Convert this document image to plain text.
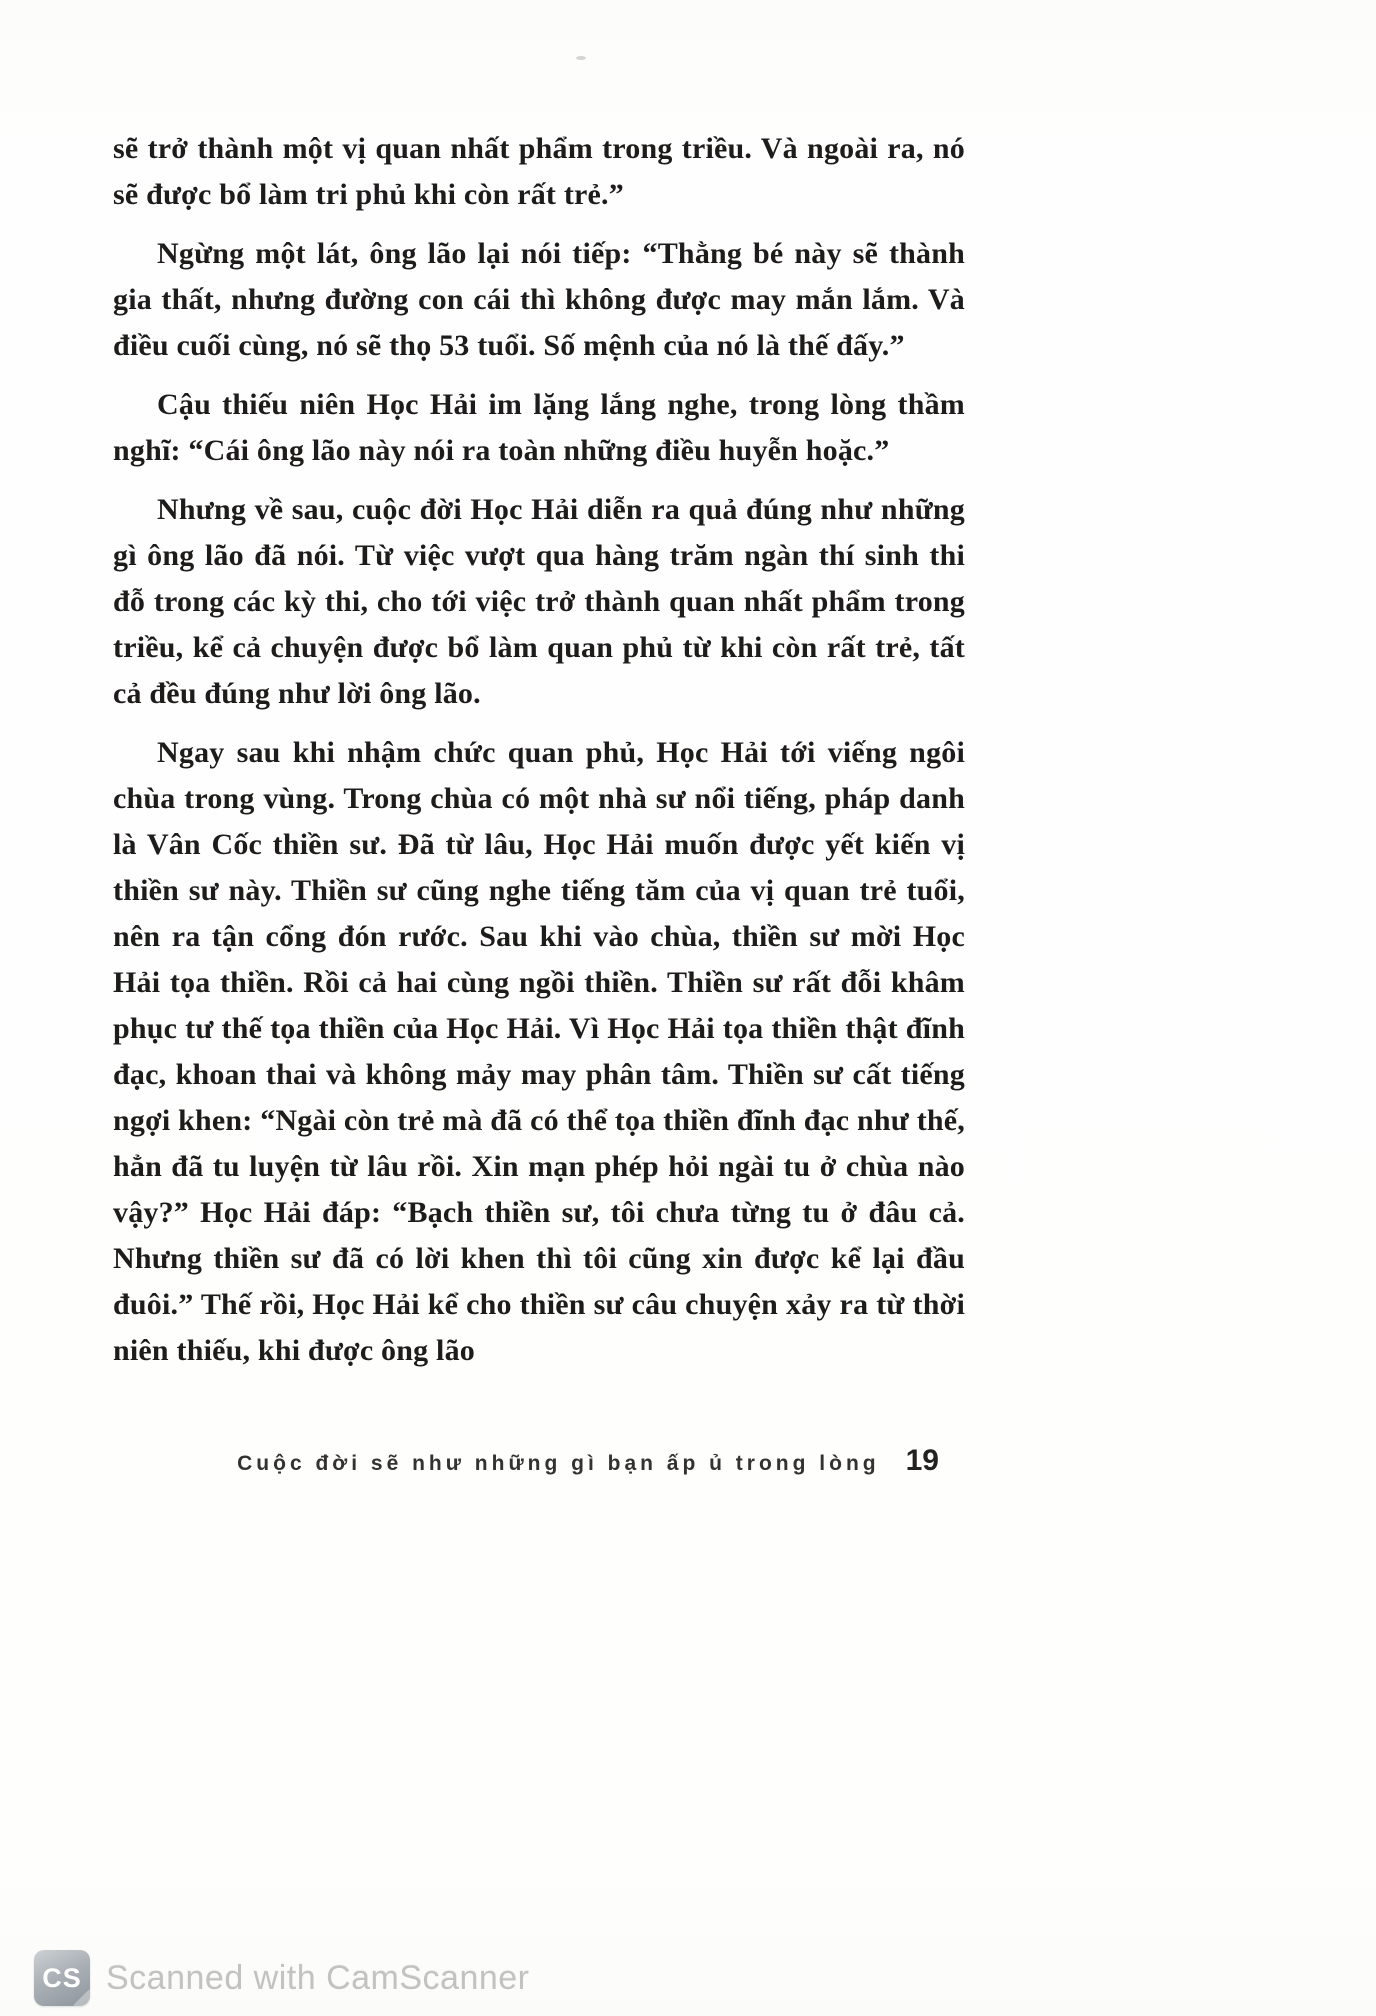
sẽ trở thành một vị quan nhất phẩm trong triều. Và ngoài ra, nó sẽ được bổ làm tri phủ khi còn rất trẻ.”

Ngừng một lát, ông lão lại nói tiếp: “Thằng bé này sẽ thành gia thất, nhưng đường con cái thì không được may mắn lắm. Và điều cuối cùng, nó sẽ thọ 53 tuổi. Số mệnh của nó là thế đấy.”

Cậu thiếu niên Học Hải im lặng lắng nghe, trong lòng thầm nghĩ: “Cái ông lão này nói ra toàn những điều huyễn hoặc.”

Nhưng về sau, cuộc đời Học Hải diễn ra quả đúng như những gì ông lão đã nói. Từ việc vượt qua hàng trăm ngàn thí sinh thi đỗ trong các kỳ thi, cho tới việc trở thành quan nhất phẩm trong triều, kể cả chuyện được bổ làm quan phủ từ khi còn rất trẻ, tất cả đều đúng như lời ông lão.

Ngay sau khi nhậm chức quan phủ, Học Hải tới viếng ngôi chùa trong vùng. Trong chùa có một nhà sư nổi tiếng, pháp danh là Vân Cốc thiền sư. Đã từ lâu, Học Hải muốn được yết kiến vị thiền sư này. Thiền sư cũng nghe tiếng tăm của vị quan trẻ tuổi, nên ra tận cổng đón rước. Sau khi vào chùa, thiền sư mời Học Hải tọa thiền. Rồi cả hai cùng ngồi thiền. Thiền sư rất đỗi khâm phục tư thế tọa thiền của Học Hải. Vì Học Hải tọa thiền thật đĩnh đạc, khoan thai và không mảy may phân tâm. Thiền sư cất tiếng ngợi khen: “Ngài còn trẻ mà đã có thể tọa thiền đĩnh đạc như thế, hẳn đã tu luyện từ lâu rồi. Xin mạn phép hỏi ngài tu ở chùa nào vậy?” Học Hải đáp: “Bạch thiền sư, tôi chưa từng tu ở đâu cả. Nhưng thiền sư đã có lời khen thì tôi cũng xin được kể lại đầu đuôi.” Thế rồi, Học Hải kể cho thiền sư câu chuyện xảy ra từ thời niên thiếu, khi được ông lão

Cuộc đời sẽ như những gì bạn ấp ủ trong lòng 19
CS Scanned with CamScanner
